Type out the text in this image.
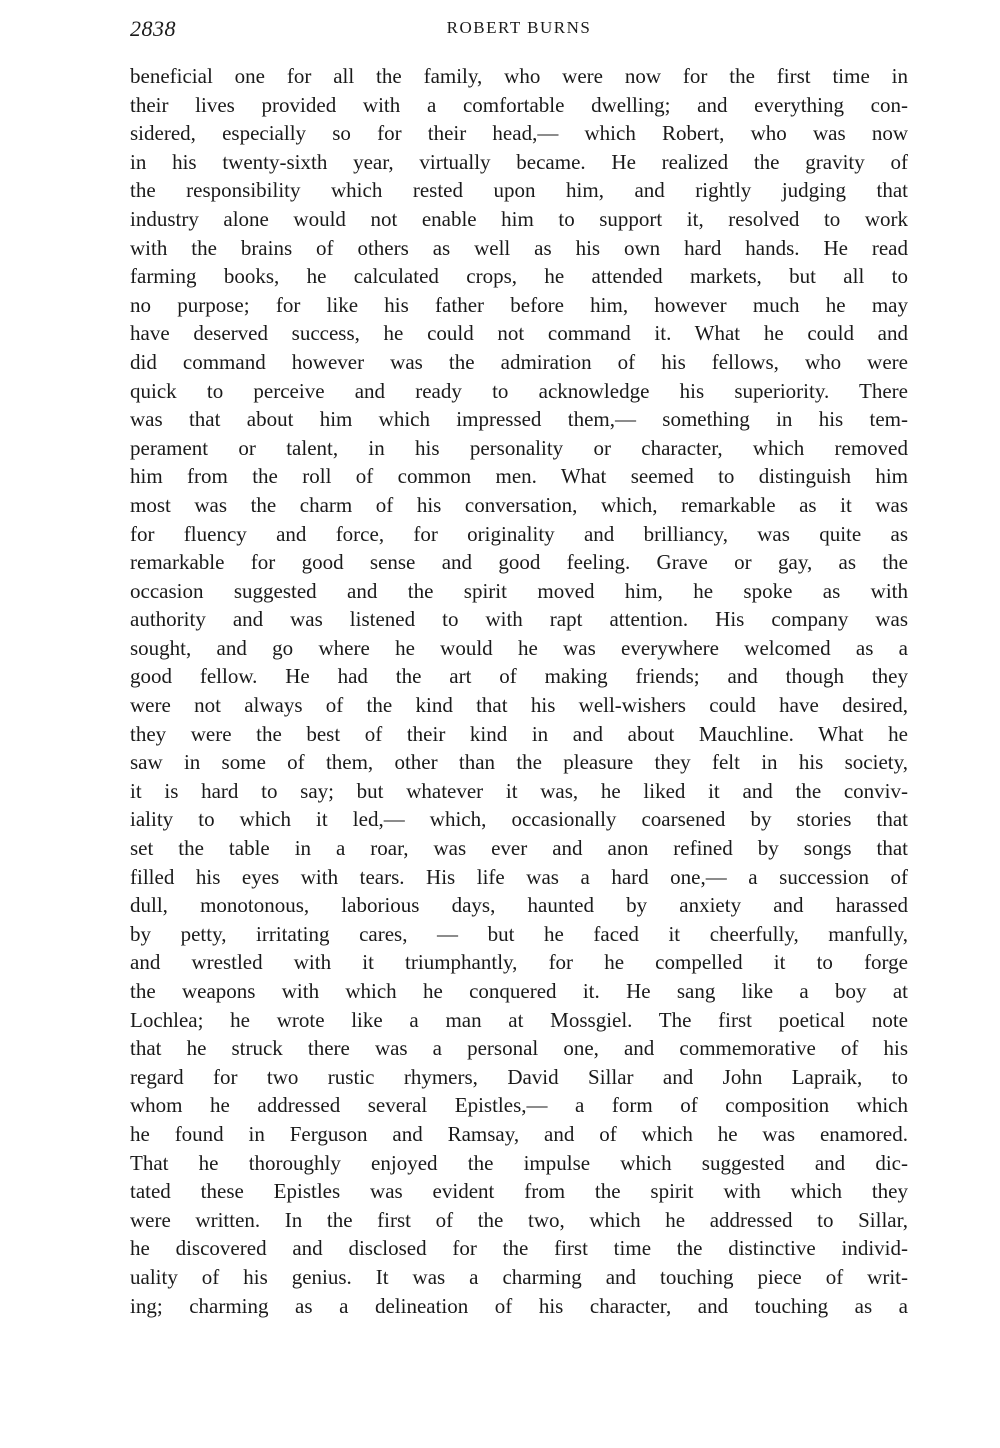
2838	ROBERT BURNS
beneficial one for all the family, who were now for the first time in
their lives provided with a comfortable dwelling; and everything con-
sidered, especially so for their head,— which Robert, who was now
in his twenty-sixth year, virtually became. He realized the gravity of
the responsibility which rested upon him, and rightly judging that
industry alone would not enable him to support it, resolved to work
with the brains of others as well as his own hard hands. He read
farming books, he calculated crops, he attended markets, but all to
no purpose; for like his father before him, however much he may
have deserved success, he could not command it. What he could and
did command however was the admiration of his fellows, who were
quick to perceive and ready to acknowledge his superiority. There
was that about him which impressed them,— something in his tem-
perament or talent, in his personality or character, which removed
him from the roll of common men. What seemed to distinguish him
most was the charm of his conversation, which, remarkable as it was
for fluency and force, for originality and brilliancy, was quite as
remarkable for good sense and good feeling. Grave or gay, as the
occasion suggested and the spirit moved him, he spoke as with
authority and was listened to with rapt attention. His company was
sought, and go where he would he was everywhere welcomed as a
good fellow. He had the art of making friends; and though they
were not always of the kind that his well-wishers could have desired,
they were the best of their kind in and about Mauchline. What he
saw in some of them, other than the pleasure they felt in his society,
it is hard to say; but whatever it was, he liked it and the conviv-
iality to which it led,— which, occasionally coarsened by stories that
set the table in a roar, was ever and anon refined by songs that
filled his eyes with tears. His life was a hard one,— a succession of
dull, monotonous, laborious days, haunted by anxiety and harassed
by petty, irritating cares, — but he faced it cheerfully, manfully,
and wrestled with it triumphantly, for he compelled it to forge
the weapons with which he conquered it. He sang like a boy at
Lochlea; he wrote like a man at Mossgiel. The first poetical note
that he struck there was a personal one, and commemorative of his
regard for two rustic rhymers, David Sillar and John Lapraik, to
whom he addressed several Epistles,— a form of composition which
he found in Ferguson and Ramsay, and of which he was enamored.
That he thoroughly enjoyed the impulse which suggested and dic-
tated these Epistles was evident from the spirit with which they
were written. In the first of the two, which he addressed to Sillar,
he discovered and disclosed for the first time the distinctive individ-
uality of his genius. It was a charming and touching piece of writ-
ing; charming as a delineation of his character, and touching as a
